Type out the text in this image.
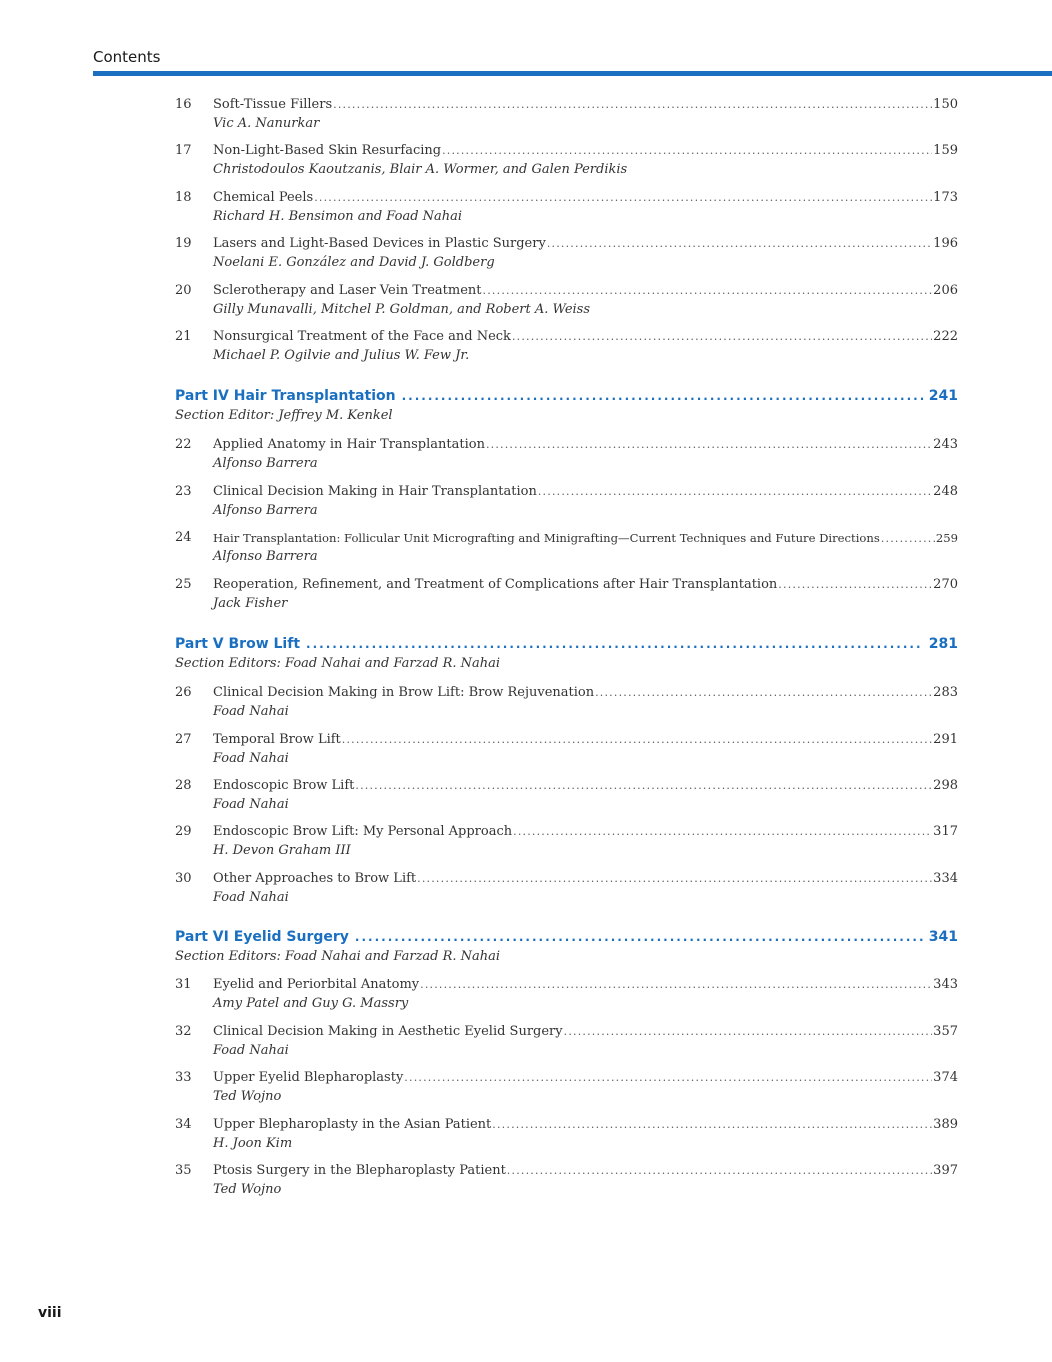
Contents
16	Soft-Tissue Fillers .....	150
Vic A. Nanurkar
17	Non-Light-Based Skin Resurfacing .....	159
Christodoulos Kaoutzanis, Blair A. Wormer, and Galen Perdikis
18	Chemical Peels .....	173
Richard H. Bensimon and Foad Nahai
19	Lasers and Light-Based Devices in Plastic Surgery .....	196
Noelani E. González and David J. Goldberg
20	Sclerotherapy and Laser Vein Treatment .....	206
Gilly Munavalli, Mitchel P. Goldman, and Robert A. Weiss
21	Nonsurgical Treatment of the Face and Neck .....	222
Michael P. Ogilvie and Julius W. Few Jr.
Part IV Hair Transplantation .....	241
Section Editor: Jeffrey M. Kenkel
22	Applied Anatomy in Hair Transplantation .....	243
Alfonso Barrera
23	Clinical Decision Making in Hair Transplantation .....	248
Alfonso Barrera
24	Hair Transplantation: Follicular Unit Micrografting and Minigrafting—Current Techniques and Future Directions .....	259
Alfonso Barrera
25	Reoperation, Refinement, and Treatment of Complications after Hair Transplantation .....	270
Jack Fisher
Part V Brow Lift .....	281
Section Editors: Foad Nahai and Farzad R. Nahai
26	Clinical Decision Making in Brow Lift: Brow Rejuvenation .....	283
Foad Nahai
27	Temporal Brow Lift .....	291
Foad Nahai
28	Endoscopic Brow Lift .....	298
Foad Nahai
29	Endoscopic Brow Lift: My Personal Approach .....	317
H. Devon Graham III
30	Other Approaches to Brow Lift .....	334
Foad Nahai
Part VI Eyelid Surgery .....	341
Section Editors: Foad Nahai and Farzad R. Nahai
31	Eyelid and Periorbital Anatomy .....	343
Amy Patel and Guy G. Massry
32	Clinical Decision Making in Aesthetic Eyelid Surgery .....	357
Foad Nahai
33	Upper Eyelid Blepharoplasty .....	374
Ted Wojno
34	Upper Blepharoplasty in the Asian Patient .....	389
H. Joon Kim
35	Ptosis Surgery in the Blepharoplasty Patient .....	397
Ted Wojno
viii
